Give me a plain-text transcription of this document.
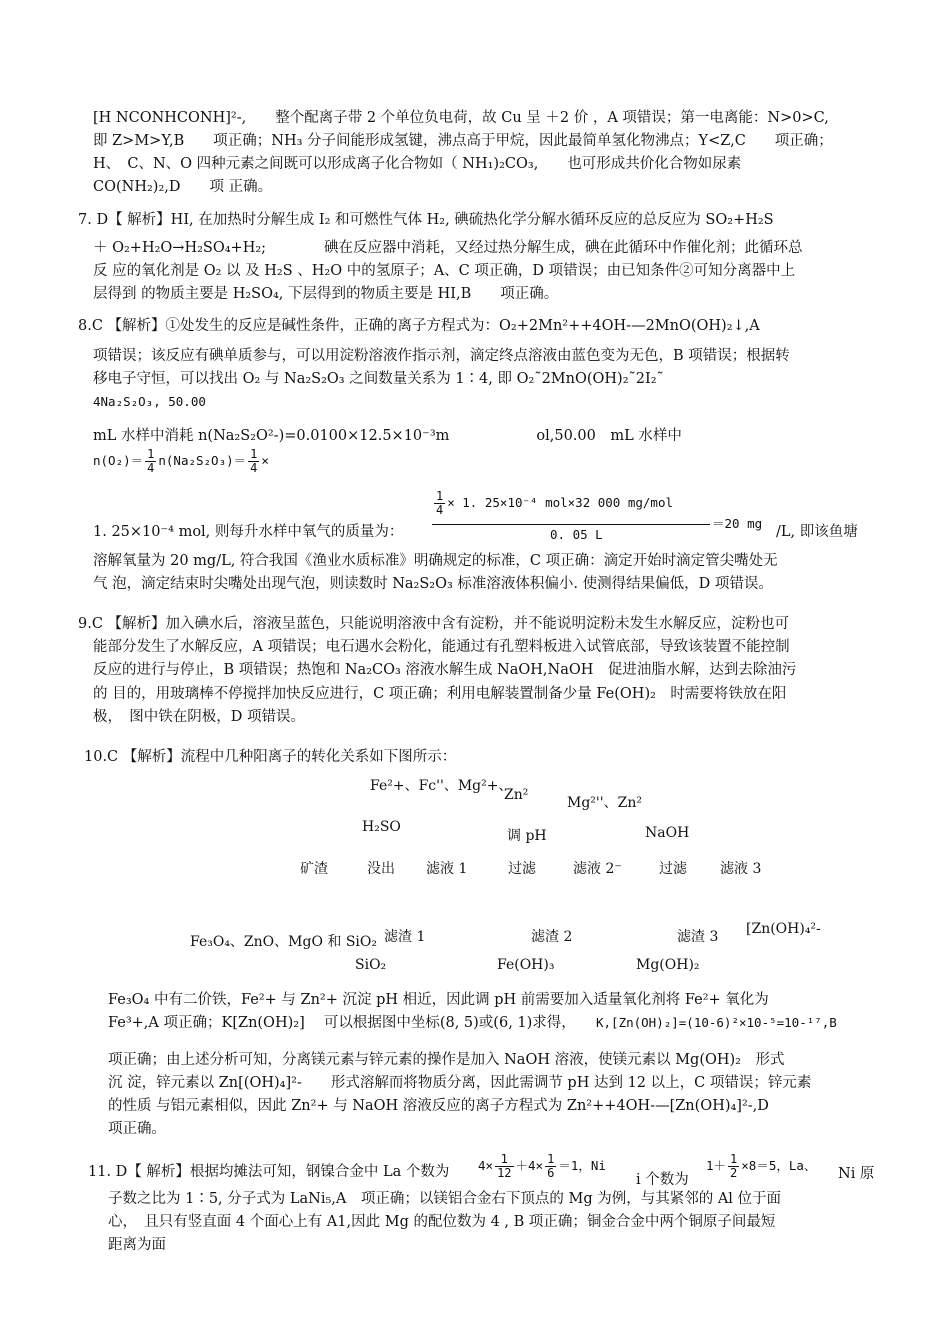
[H NCONHCONH]²-,　　整个配离子带 2 个单位负电荷，故 Cu 呈 ＋2 价 ，A 项错误；第一电离能：N>0>C,
即 Z>M>Y,B　　项正确；NH₃ 分子间能形成氢键，沸点高于甲烷，因此最简单氢化物沸点；Y<Z,C　　项正确；
H、　C、N、O 四种元素之间既可以形成离子化合物如（ NH₁)₂CO₃,　　也可形成共价化合物如尿素
CO(NH₂)₂,D　　项 正确。
7. D【 解析】HI, 在加热时分解生成 I₂ 和可燃性气体 H₂, 碘硫热化学分解水循环反应的总反应为 SO₂+H₂S
＋ O₂+H₂O→H₂SO₄+H₂;　　　　碘在反应器中消耗，又经过热分解生成，碘在此循环中作催化剂；此循环总
反 应的氧化剂是 O₂ 以 及 H₂S 、H₂O 中的氢原子；A、C 项正确，D 项错误；由已知条件②可知分离器中上
层得到 的物质主要是 H₂SO₄, 下层得到的物质主要是 HI,B　　项正确。
8.C 【解析】①处发生的反应是碱性条件，正确的离子方程式为：O₂+2Mn²++4OH-—2MnO(OH)₂↓,A
项错误；该反应有碘单质参与，可以用淀粉溶液作指示剂，滴定终点溶液由蓝色变为无色，B 项错误；根据转
移电子守恒，可以找出 O₂ 与 Na₂S₂O₃ 之间数量关系为 1∶4, 即 O₂˜2MnO(OH)₂˜2I₂˜
4Na₂S₂O₃, 50.00
mL 水样中消耗 n(Na₂S₂O²-)=0.0100×12.5×10⁻³m　　　　　　ol,50.00　mL 水样中
$n(O_2)= \frac{1}{4} n(Na_2S_2O_3)= \frac{1}{4}$ ×
1. 25×10⁻⁴ mol, 则每升水样中氧气的质量为：
$\frac{1}{4} \times 1$. 25×10⁻⁴ mol×32 000 mg/mol
0. 05 L
＝20 mg
/L, 即该鱼塘
溶解氧量为 20 mg/L, 符合我国《渔业水质标准》明确规定的标准，C 项正确：滴定开始时滴定管尖嘴处无
气 泡，滴定结束时尖嘴处出现气泡，则读数时 Na₂S₂O₃ 标准溶液体积偏小. 使测得结果偏低，D 项错误。
9.C 【解析】加入碘水后，溶液呈蓝色，只能说明溶液中含有淀粉，并不能说明淀粉未发生水解反应，淀粉也可
能部分发生了水解反应，A 项错误；电石遇水会粉化，能通过有孔塑料板进入试管底部，导致该装置不能控制
反应的进行与停止，B 项错误；热饱和 Na₂CO₃ 溶液水解生成 NaOH,NaOH　促进油脂水解，达到去除油污
的 目的，用玻璃棒不停搅拌加快反应进行，C 项正确；利用电解装置制备少量 Fe(OH)₂　时需要将铁放在阳
极，　图中铁在阴极，D 项错误。
10.C 【解析】流程中几种阳离子的转化关系如下图所示：
Fe²+、Fc''、Mg²+、
Zn²	Mg²''、Zn²
H₂SO
调 pH	NaOH
矿渣	没出 滤液 1	过滤	滤液 2⁻	过滤 滤液 3
Fe₃O₄、ZnO、MgO 和 SiO₂ 滤渣 1	滤渣 2	滤渣 3 [Zn(OH)₄²-
SiO₂	Fe(OH)₃	Mg(OH)₂
Fe₃O₄ 中有二价铁，Fe²+ 与 Zn²+ 沉淀 pH 相近，因此调 pH 前需要加入适量氧化剂将 Fe²+ 氧化为
Fe³+,A 项正确；K[Zn(OH)₂]　 可以根据图中坐标(8, 5)或(6, 1)求得， K,[Zn(OH)₂]=(10-6)²×10-⁵=10-¹⁷,B
项正确；由上述分析可知，分离镁元素与锌元素的操作是加入 NaOH 溶液，使镁元素以 Mg(OH)₂　形式
沉 淀，锌元素以 Zn[(OH)₄]²-　　形式溶解而将物质分离，因此需调节 pH 达到 12 以上，C 项错误；锌元素
的性质 与铝元素相似，因此 Zn²+ 与 NaOH 溶液反应的离子方程式为 Zn²++4OH-—[Zn(OH)₄]²-,D
项正确。
11. D【 解析】根据均摊法可知，钢镍合金中 La 个数为 $4\times \frac{1}{12} +4\times \frac{1}{6} =1$，Ni
i 个数为
$1+ \frac{1}{2} \times 8=5$，La、
Ni 原
子数之比为 1∶5, 分子式为 LaNi₅,A　项正确；以镁铝合金右下顶点的 Mg 为例，与其紧邻的 Al 位于面
心，　且只有竖直面 4 个面心上有 A1,因此 Mg 的配位数为 4 , B 项正确；铜金合金中两个铜原子间最短
距离为面
